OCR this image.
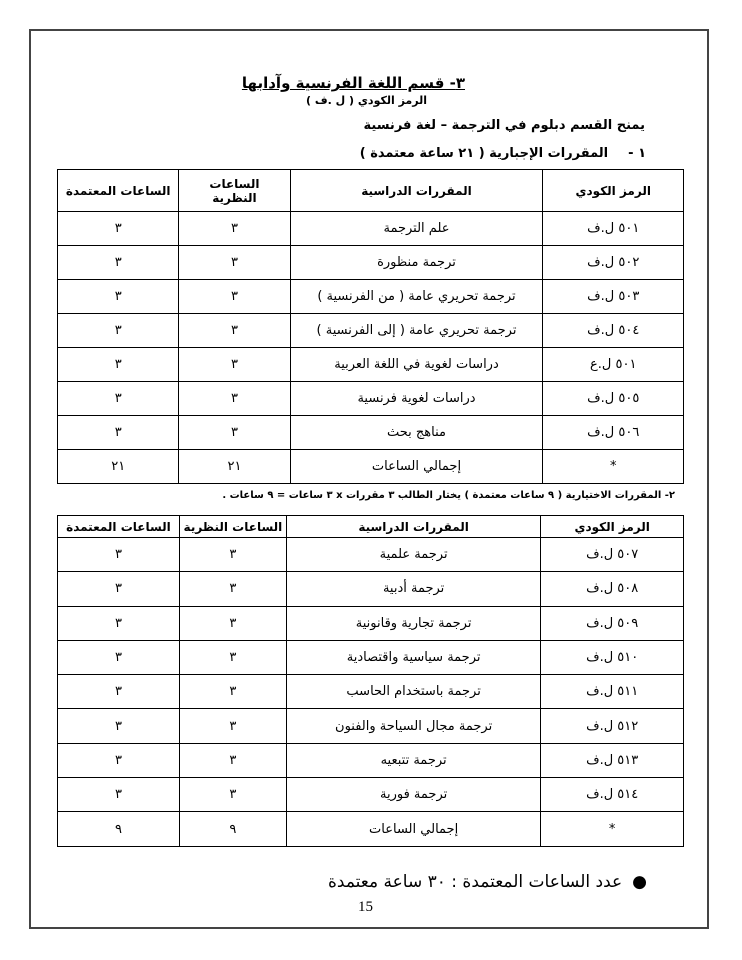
٣- قسم اللغة الفرنسية وآدابها
الرمز الكودي ( ل .ف )
يمنح القسم دبلوم في الترجمة – لغة فرنسية
١ -المقررات الإجبارية ( ٢١ ساعة معتمدة )
الرمز الكودي	المقررات الدراسية	الساعات النظرية	الساعات المعتمدة
٥٠١ ل.ف	علم الترجمة	٣	٣
٥٠٢ ل.ف	ترجمة منظورة	٣	٣
٥٠٣ ل.ف	ترجمة تحريري عامة ( من الفرنسية )	٣	٣
٥٠٤ ل.ف	ترجمة تحريري عامة ( إلى الفرنسية )	٣	٣
٥٠١ ل.ع	دراسات لغوية في اللغة العربية	٣	٣
٥٠٥ ل.ف	دراسات لغوية فرنسية	٣	٣
٥٠٦ ل.ف	مناهج بحث	٣	٣
*	إجمالي الساعات	٢١	٢١
٢- المقررات الاختيارية ( ٩ ساعات معتمدة ) يختار الطالب ٣ مقررات x ٣ ساعات = ٩ ساعات .
الرمز الكودي	المقررات الدراسية	الساعات النظرية	الساعات المعتمدة
٥٠٧ ل.ف	ترجمة علمية	٣	٣
٥٠٨ ل.ف	ترجمة أدبية	٣	٣
٥٠٩ ل.ف	ترجمة تجارية وقانونية	٣	٣
٥١٠ ل.ف	ترجمة سياسية واقتصادية	٣	٣
٥١١ ل.ف	ترجمة باستخدام الحاسب	٣	٣
٥١٢ ل.ف	ترجمة مجال السياحة والفنون	٣	٣
٥١٣ ل.ف	ترجمة تتبعيه	٣	٣
٥١٤ ل.ف	ترجمة فورية	٣	٣
*	إجمالي الساعات	٩	٩
●عدد الساعات المعتمدة : ٣٠ ساعة معتمدة
15
